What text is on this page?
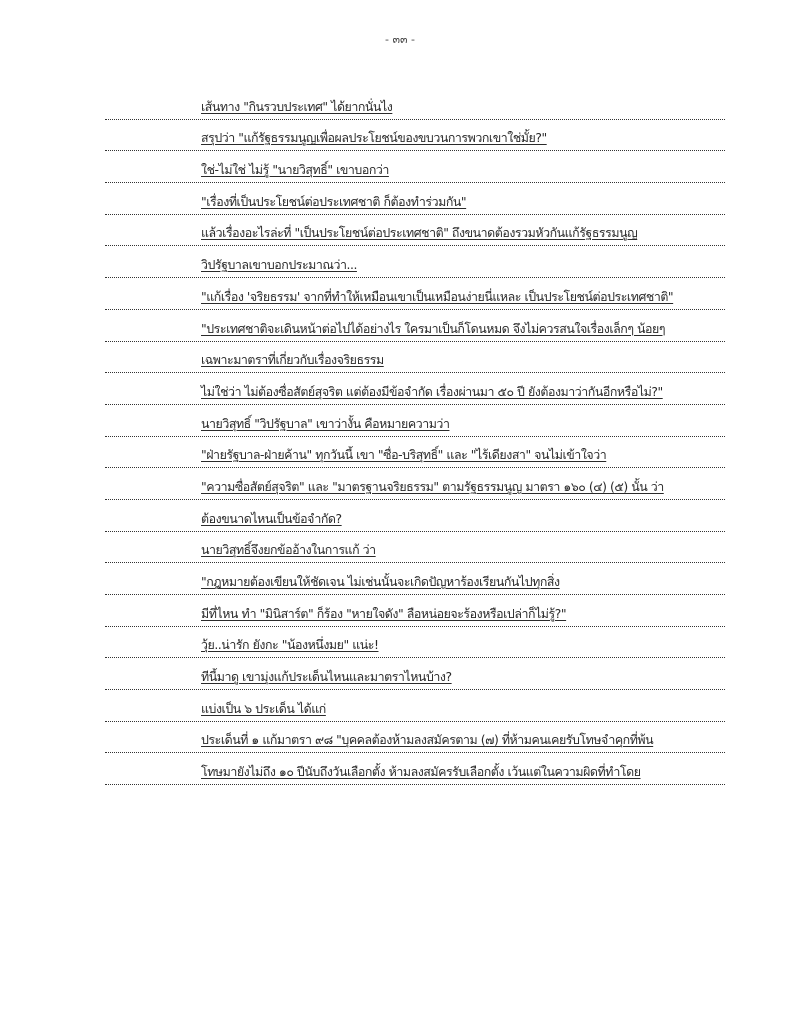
- ๓๓ -
เส้นทาง "กินรวบประเทศ" ได้ยากนั่นไง
สรุปว่า "แก้รัฐธรรมนูญเพื่อผลประโยชน์ของขบวนการพวกเขาใช่มั้ย?"
ใช่-ไม่ใช่ ไม่รู้ "นายวิสุทธิ์" เขาบอกว่า
"เรื่องที่เป็นประโยชน์ต่อประเทศชาติ ก็ต้องทำร่วมกัน"
แล้วเรื่องอะไรล่ะที่ "เป็นประโยชน์ต่อประเทศชาติ" ถึงขนาดต้องรวมหัวกันแก้รัฐธรรมนูญ
วิปรัฐบาลเขาบอกประมาณว่า...
"แก้เรื่อง 'จริยธรรม' จากที่ทำให้เหมือนเขาเป็นเหมือนง่ายนี่แหละ เป็นประโยชน์ต่อประเทศชาติ"
"ประเทศชาติจะเดินหน้าต่อไปได้อย่างไร ใครมาเป็นก็โดนหมด จึงไม่ควรสนใจเรื่องเล็กๆ น้อยๆ
เฉพาะมาตราที่เกี่ยวกับเรื่องจริยธรรม
ไม่ใช่ว่า ไม่ต้องซื่อสัตย์สุจริต แต่ต้องมีข้อจำกัด เรื่องผ่านมา ๕๐ ปี ยังต้องมาว่ากันอีกหรือไม่?"
นายวิสุทธิ์ "วิปรัฐบาล" เขาว่างั้น คือหมายความว่า
"ฝ่ายรัฐบาล-ฝ่ายค้าน" ทุกวันนี้ เขา "ซื่อ-บริสุทธิ์" และ "ไร้เดียงสา" จนไม่เข้าใจว่า
"ความซื่อสัตย์สุจริต" และ "มาตรฐานจริยธรรม" ตามรัฐธรรมนูญ มาตรา ๑๖๐ (๔) (๕) นั้น ว่า
ต้องขนาดไหนเป็นข้อจำกัด?
นายวิสุทธิ์จึงยกข้ออ้างในการแก้ ว่า
"กฎหมายต้องเขียนให้ชัดเจน ไม่เช่นนั้นจะเกิดปัญหาร้องเรียนกันไปทุกสิ่ง
มีที่ไหน ทำ "มินิสาร์ต" ก็ร้อง "หายใจดัง" ลือหน่อยจะร้องหรือเปล่าก็ไม่รู้?"
วุ้ย..น่ารัก ยังกะ "น้องหนึ่งมย" แน่ะ!
ทีนี้มาดู เขามุ่งแก้ประเด็นไหนและมาตราไหนบ้าง?
แบ่งเป็น ๖ ประเด็น ได้แก่
ประเด็นที่ ๑ แก้มาตรา ๙๘ "บุคคลต้องห้ามลงสมัครตาม (๗) ที่ห้ามคนเคยรับโทษจำคุกที่พ้น
โทษมายังไม่ถึง ๑๐ ปีนับถึงวันเลือกตั้ง ห้ามลงสมัครรับเลือกตั้ง เว้นแต่ในความผิดที่ทำโดย
